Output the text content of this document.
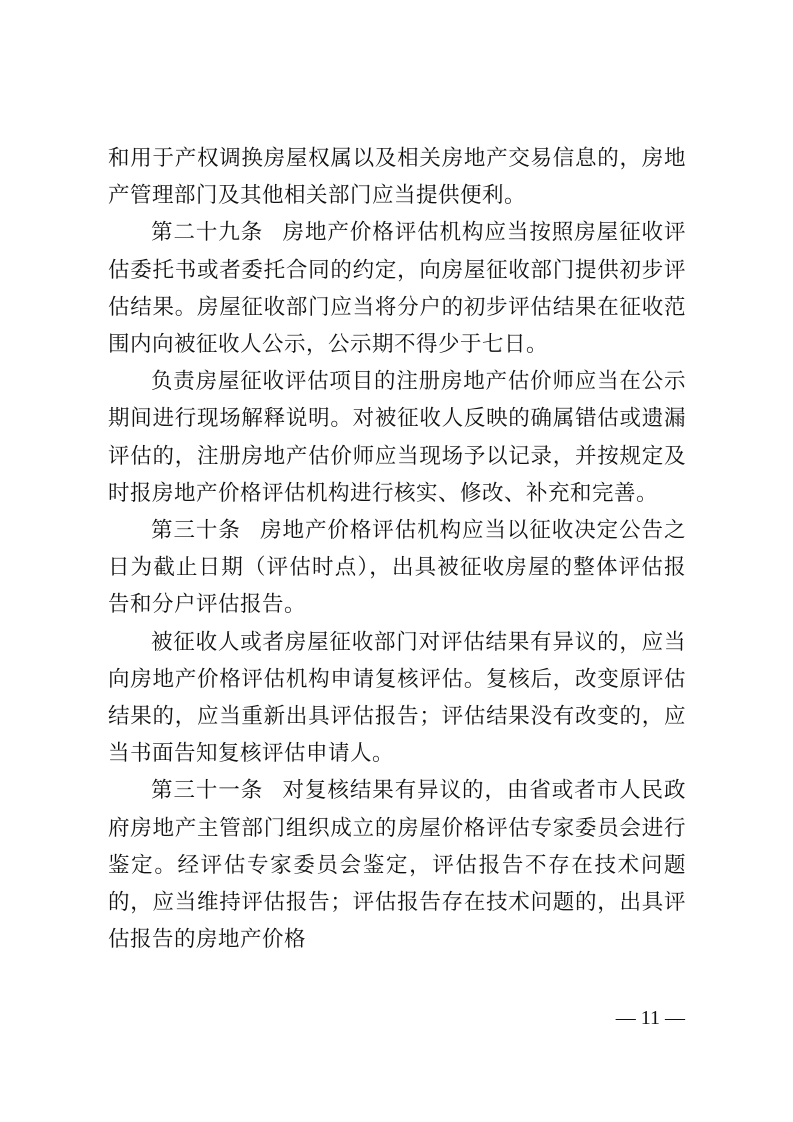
和用于产权调换房屋权属以及相关房地产交易信息的，房地产管理部门及其他相关部门应当提供便利。

第二十九条 房地产价格评估机构应当按照房屋征收评估委托书或者委托合同的约定，向房屋征收部门提供初步评估结果。房屋征收部门应当将分户的初步评估结果在征收范围内向被征收人公示，公示期不得少于七日。

负责房屋征收评估项目的注册房地产估价师应当在公示期间进行现场解释说明。对被征收人反映的确属错估或遗漏评估的，注册房地产估价师应当现场予以记录，并按规定及时报房地产价格评估机构进行核实、修改、补充和完善。

第三十条 房地产价格评估机构应当以征收决定公告之日为截止日期（评估时点），出具被征收房屋的整体评估报告和分户评估报告。

被征收人或者房屋征收部门对评估结果有异议的，应当向房地产价格评估机构申请复核评估。复核后，改变原评估结果的，应当重新出具评估报告；评估结果没有改变的，应当书面告知复核评估申请人。

第三十一条 对复核结果有异议的，由省或者市人民政府房地产主管部门组织成立的房屋价格评估专家委员会进行鉴定。经评估专家委员会鉴定，评估报告不存在技术问题的，应当维持评估报告；评估报告存在技术问题的，出具评估报告的房地产价格

— 11 —
